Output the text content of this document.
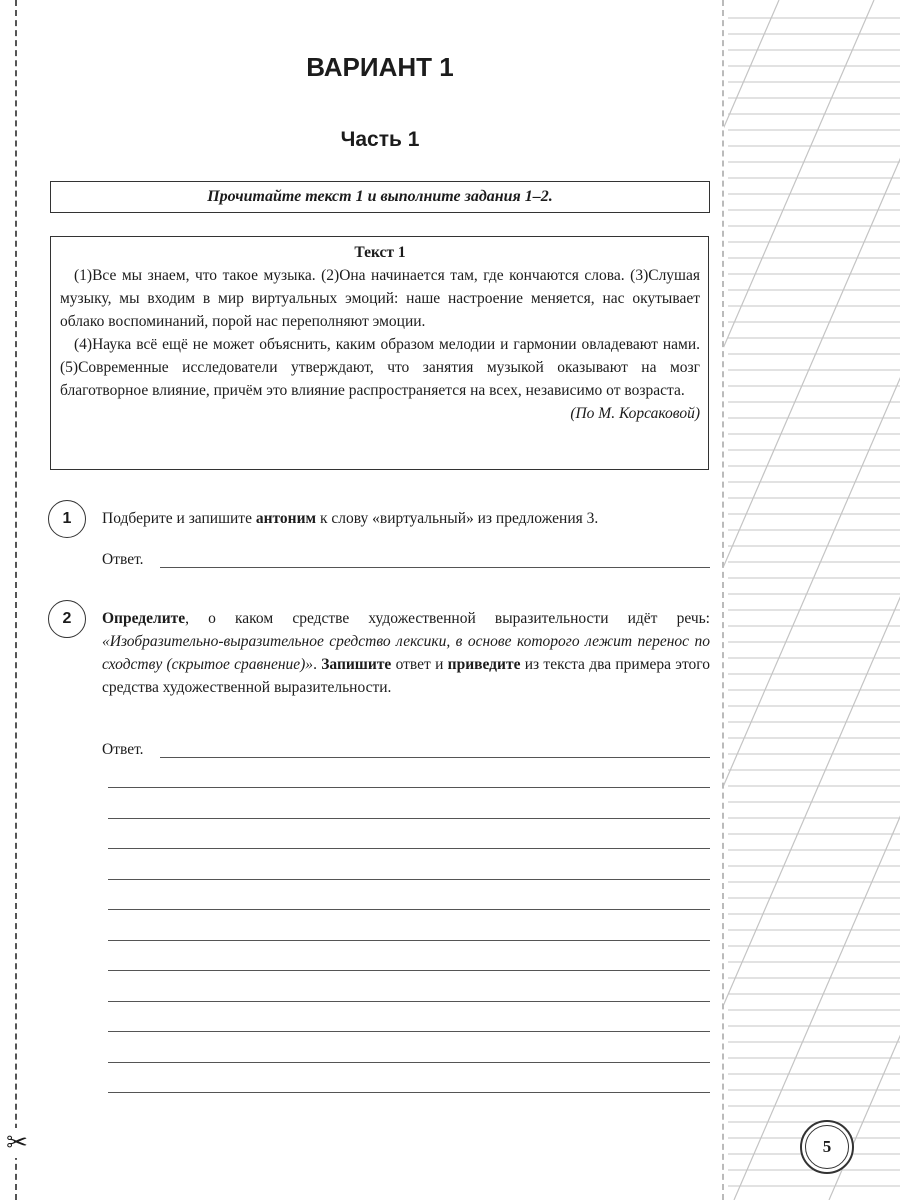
✂
ВАРИАНТ 1
Часть 1
Прочитайте текст 1 и выполните задания 1–2.
Текст 1

(1)Все мы знаем, что такое музыка. (2)Она начинается там, где кончаются слова. (3)Слушая музыку, мы входим в мир виртуальных эмоций: наше настроение меняется, нас окутывает облако воспоминаний, порой нас переполняют эмоции.

(4)Наука всё ещё не может объяснить, каким образом мелодии и гармонии овладевают нами. (5)Современные исследователи утверждают, что занятия музыкой оказывают на мозг благотворное влияние, причём это влияние распространяется на всех, независимо от возраста.

(По М. Корсаковой)
1	Подберите и запишите антоним к слову «виртуальный» из предложения 3.
Ответ.
2	Определите, о каком средстве художественной выразительности идёт речь: «Изобразительно-выразительное средство лексики, в основе которого лежит перенос по сходству (скрытое сравнение)». Запишите ответ и приведите из текста два примера этого средства художественной выразительности.
Ответ.
5
